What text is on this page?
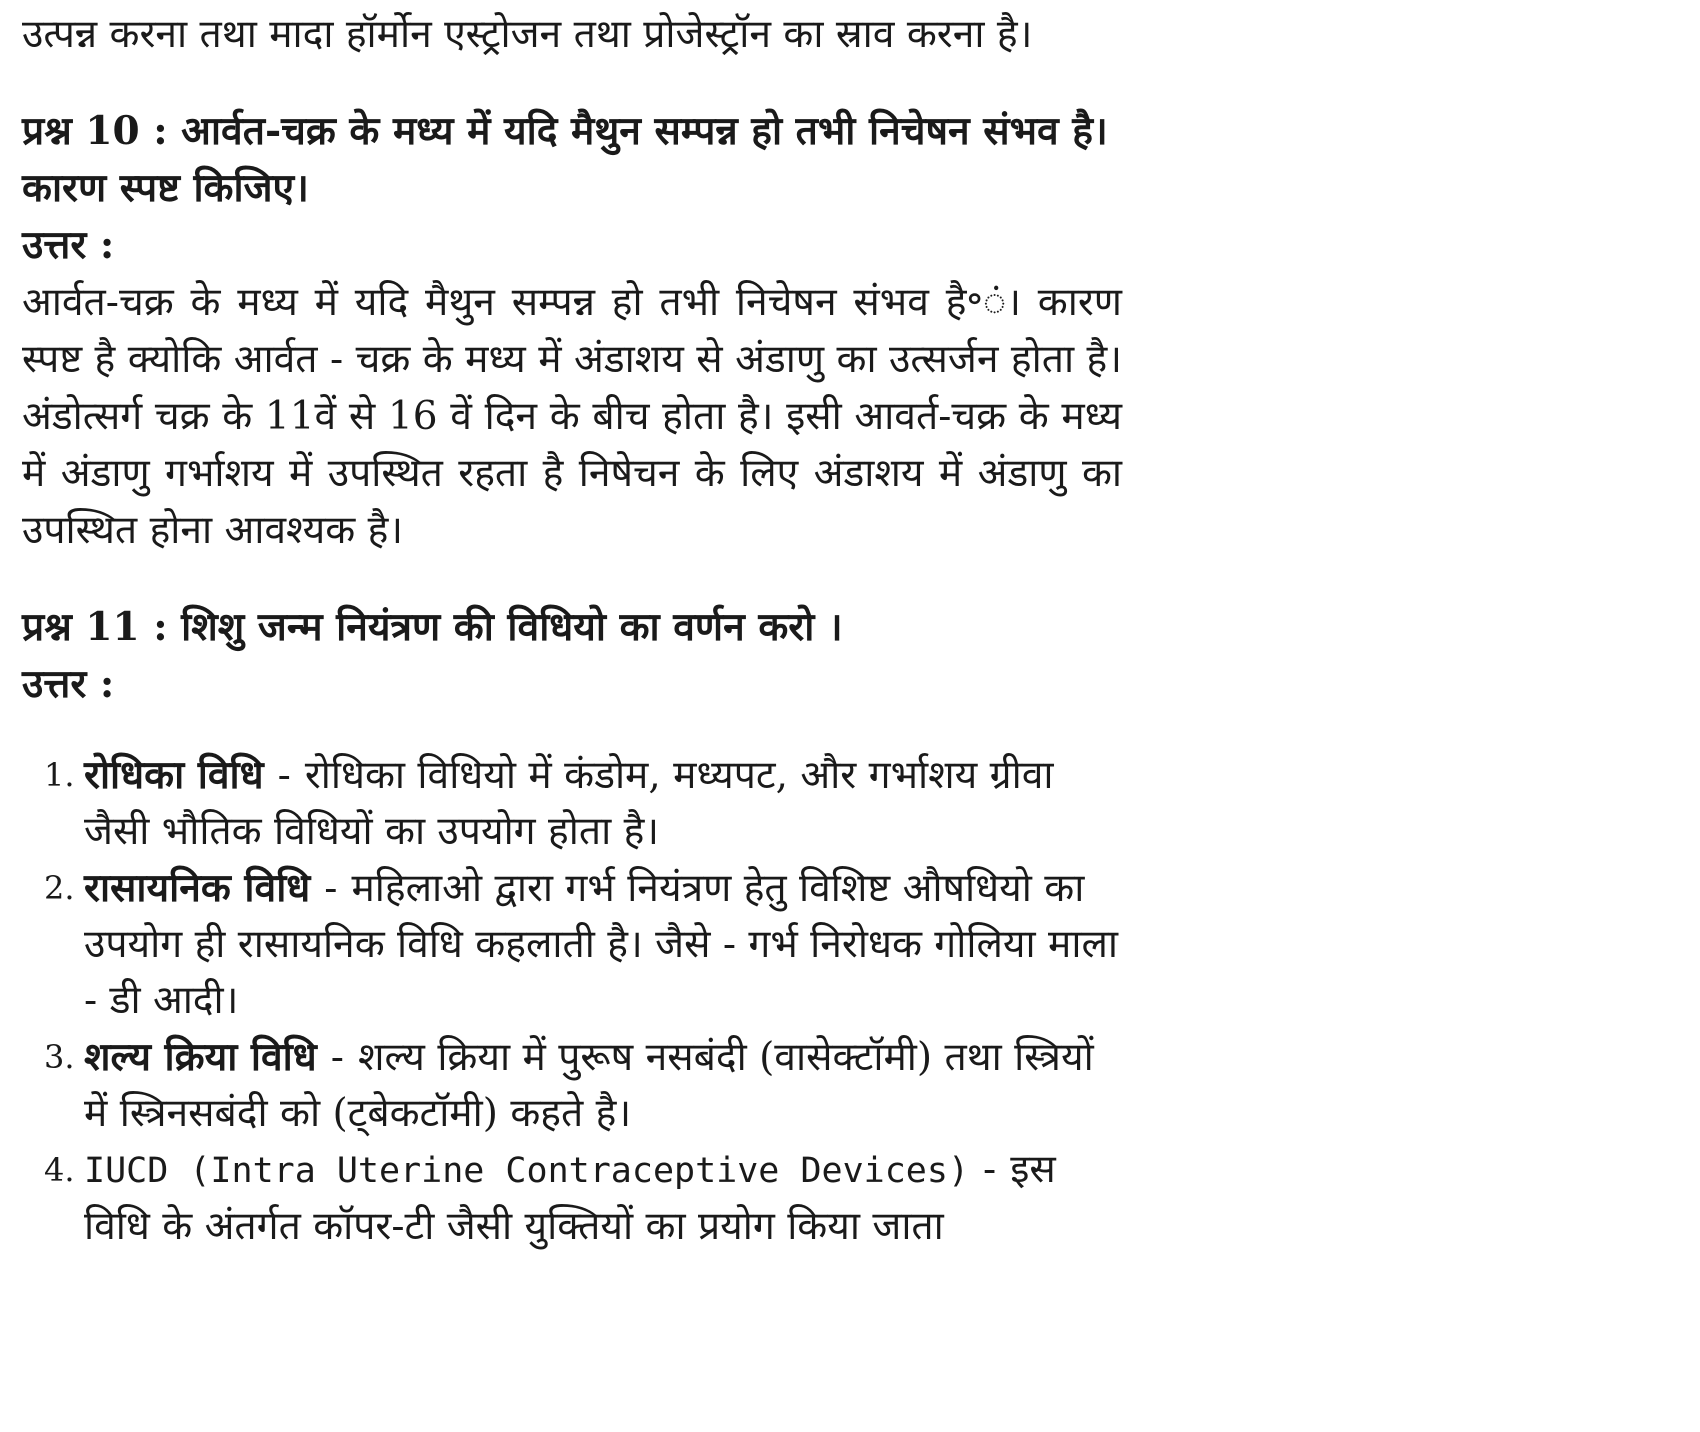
उत्पन्न करना तथा मादा हॉर्मोन एस्ट्रोजन तथा प्रोजेस्ट्रॉन का स्राव करना है।

प्रश्न 10 : आर्वत-चक्र के मध्य में यदि मैथुन सम्पन्न हो तभी निचेषन संभव है। कारण स्पष्ट किजिए।

उत्तर :

आर्वत-चक्र के मध्य में यदि मैथुन सम्पन्न हो तभी निचेषन संभव है॰ं। कारण स्पष्ट है क्योकि आर्वत - चक्र के मध्य में अंडाशय से अंडाणु का उत्सर्जन होता है। अंडोत्सर्ग चक्र के 11वें से 16 वें दिन के बीच होता है। इसी आवर्त-चक्र के मध्य में अंडाणु गर्भाशय में उपस्थित रहता है निषेचन के लिए अंडाशय में अंडाणु का उपस्थित होना आवश्यक है।

प्रश्न 11 : शिशु जन्म नियंत्रण की विधियो का वर्णन करो ।

उत्तर :

1. रोधिका विधि - रोधिका विधियो में कंडोम, मध्यपट, और गर्भाशय ग्रीवा जैसी भौतिक विधियों का उपयोग होता है।
2. रासायनिक विधि - महिलाओ द्वारा गर्भ नियंत्रण हेतु विशिष्ट औषधियो का उपयोग ही रासायनिक विधि कहलाती है। जैसे - गर्भ निरोधक गोलिया माला - डी आदी।
3. शल्य क्रिया विधि - शल्य क्रिया में पुरूष नसबंदी (वासेक्टॉमी) तथा स्त्रियों में स्त्रिनसबंदी को (ट्बेकटॉमी) कहते है।
4. IUCD (Intra Uterine Contraceptive Devices) - इस विधि के अंतर्गत कॉपर-टी जैसी युक्तियों का प्रयोग किया जाता
